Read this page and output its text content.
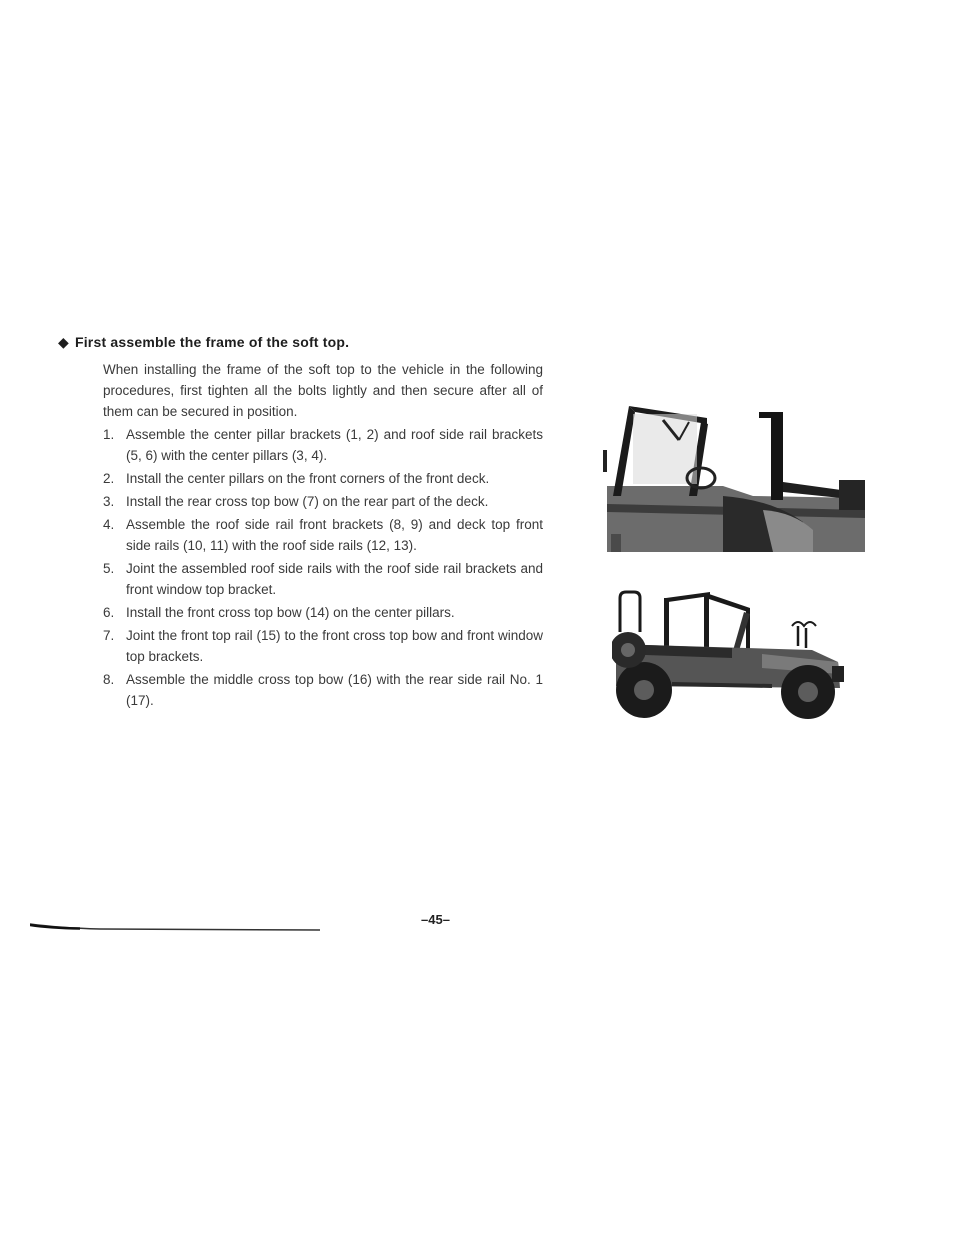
◆ First assemble the frame of the soft top.

When installing the frame of the soft top to the vehicle in the following procedures, first tighten all the bolts lightly and then secure after all of them can be secured in position.

1. Assemble the center pillar brackets (1, 2) and roof side rail brackets (5, 6) with the center pillars (3, 4).
2. Install the center pillars on the front corners of the front deck.
3. Install the rear cross top bow (7) on the rear part of the deck.
4. Assemble the roof side rail front brackets (8, 9) and deck top front side rails (10, 11) with the roof side rails (12, 13).
5. Joint the assembled roof side rails with the roof side rail brackets and front window top bracket.
6. Install the front cross top bow (14) on the center pillars.
7. Joint the front top rail (15) to the front cross top bow and front window top brackets.
8. Assemble the middle cross top bow (16) with the rear side rail No. 1 (17).
–45–
